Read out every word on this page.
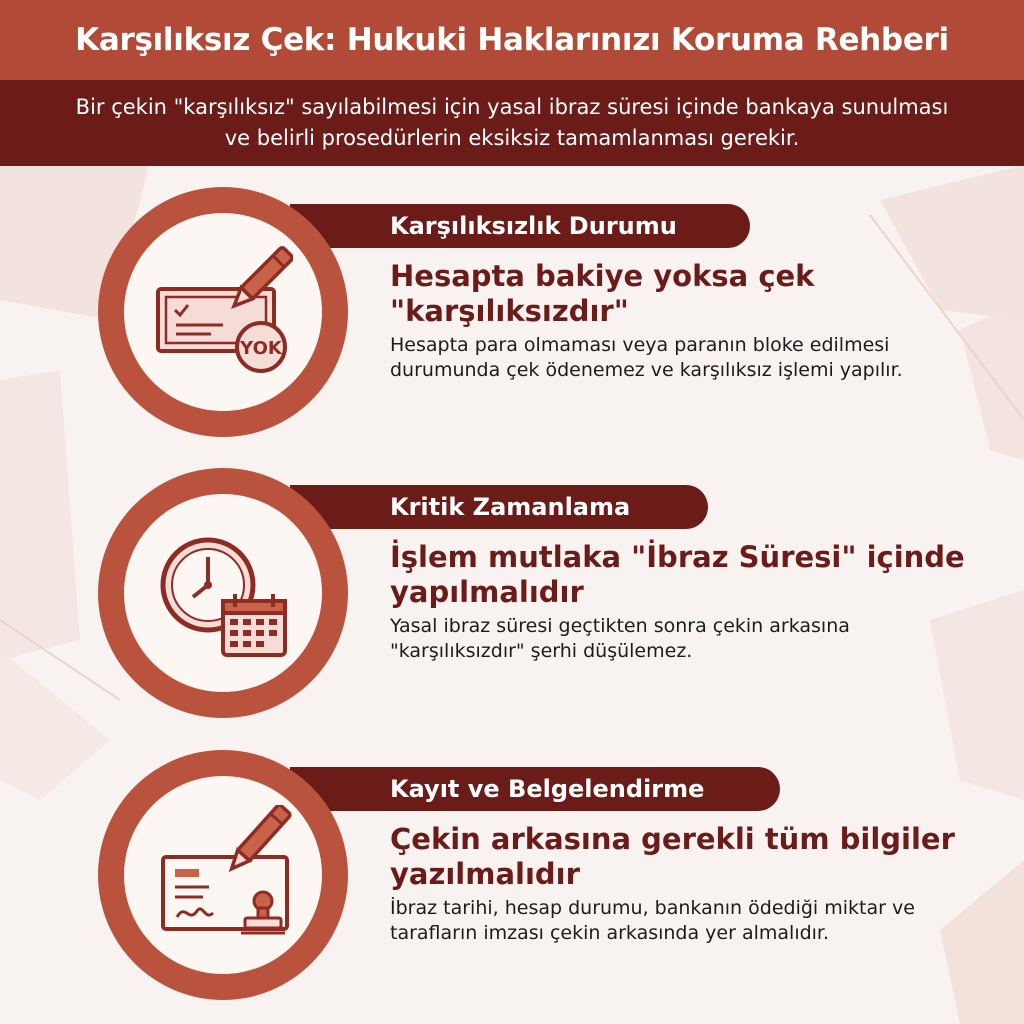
Karşılıksız Çek: Hukuki Haklarınızı Koruma Rehberi

Bir çekin "karşılıksız" sayılabilmesi için yasal ibraz süresi içinde bankaya sunulması ve belirli prosedürlerin eksiksiz tamamlanması gerekir.

YOK
Karşılıksızlık Durumu
Hesapta bakiye yoksa çek "karşılıksızdır"
Hesapta para olmaması veya paranın bloke edilmesi durumunda çek ödenemez ve karşılıksız işlemi yapılır.
Kritik Zamanlama
İşlem mutlaka "İbraz Süresi" içinde yapılmalıdır
Yasal ibraz süresi geçtikten sonra çekin arkasına "karşılıksızdır" şerhi düşülemez.
Kayıt ve Belgelendirme
Çekin arkasına gerekli tüm bilgiler yazılmalıdır
İbraz tarihi, hesap durumu, bankanın ödediği miktar ve tarafların imzası çekin arkasında yer almalıdır.
